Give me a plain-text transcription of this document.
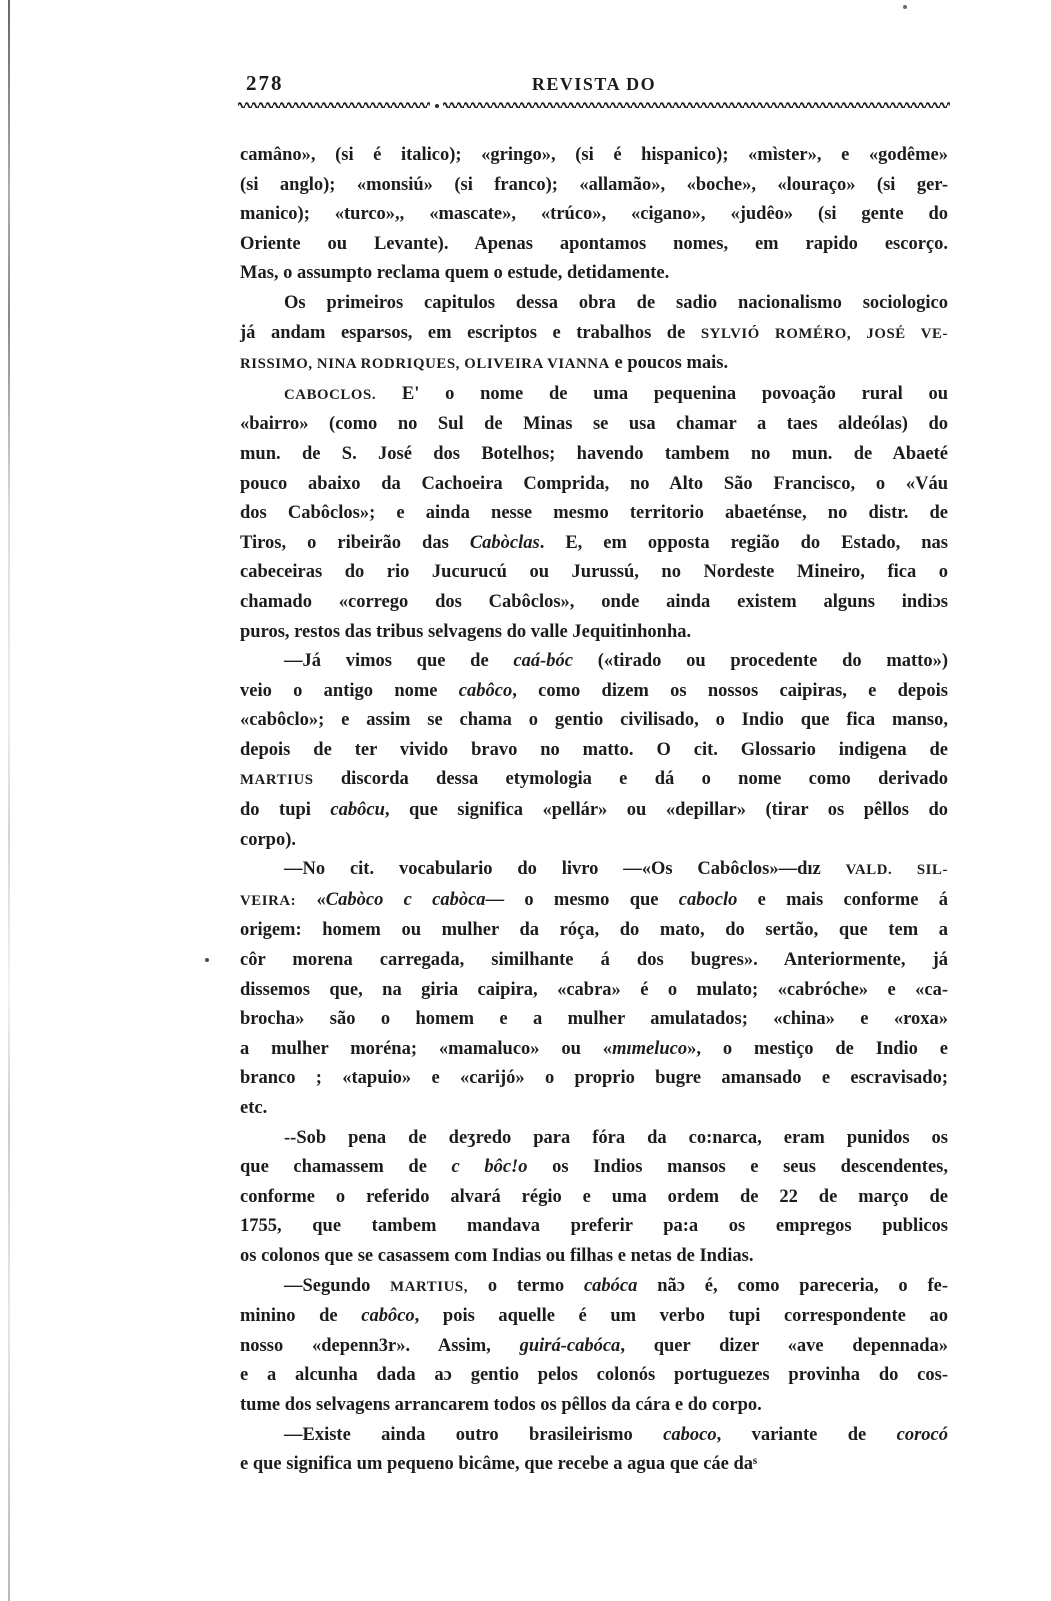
278	REVISTA DO
camâno», (si é italico); «gringo», (si é hispanico); «mìster», e «godême»
(si anglo); «monsiú» (si franco); «allamão», «boche», «louraço» (si ger-
manico); «turco»,, «mascate», «trúco», «cigano», «judêo» (si gente do
Oriente ou Levante). Apenas apontamos nomes, em rapido escorço.
Mas, o assumpto reclama quem o estude, detidamente.
Os primeiros capitulos dessa obra de sadio nacionalismo sociologico
já andam esparsos, em escriptos e trabalhos de SYLVIÓ ROMÉRO, JOSÉ VE-
RISSIMO, NINA RODRIQUES, OLIVEIRA VIANNA e poucos mais.
CABOCLOS. E' o nome de uma pequenina povoação rural ou
«bairro» (como no Sul de Minas se usa chamar a taes aldeólas) do
mun. de S. José dos Botelhos; havendo tambem no mun. de Abaeté
pouco abaixo da Cachoeira Comprida, no Alto São Francisco, o «Váu
dos Cabôclos»; e ainda nesse mesmo territorio abaeténse, no distr. de
Tiros, o ribeirão das Cabòclas. E, em opposta região do Estado, nas
cabeceiras do rio Jucurucú ou Jurussú, no Nordeste Mineiro, fica o
chamado «corrego dos Cabôclos», onde ainda existem alguns indiɔs
puros, restos das tribus selvagens do valle Jequitinhonha.
—Já vimos que de caá-bóc («tirado ou procedente do matto»)
veio o antigo nome cabôco, como dizem os nossos caipiras, e depois
«cabôclo»; e assim se chama o gentio civilisado, o Indio que fica manso,
depois de ter vivido bravo no matto. O cit. Glossario indigena de
MARTIUS discorda dessa etymologia e dá o nome como derivado
do tupi cabôcu, que significa «pellár» ou «depillar» (tirar os pêllos do
corpo).
—No cit. vocabulario do livro —«Os Cabôclos»—dız VALD. SIL-
VEIRA: «Cabòco c cabòca— o mesmo que caboclo e mais conforme á
origem: homem ou mulher da róça, do mato, do sertão, que tem a
côr morena carregada, similhante á dos bugres». Anteriormente, já
dissemos que, na giria caipira, «cabra» é o mulato; «cabróche» e «ca-
brocha» são o homem e a mulher amulatados; «china» e «roxa»
a mulher moréna; «mamaluco» ou «mımeluco», o mestiço de Indio e
branco ; «tapuio» e «carijó» o proprio bugre amansado e escravisado;
etc.
--Sob pena de deʒredo para fóra da co:narca, eram punidos os
que chamassem de c bôc!o os Indios mansos e seus descendentes,
conforme o referido alvará régio e uma ordem de 22 de março de
1755, que tambem mandava preferir pa:a os empregos publicos
os colonos que se casassem com Indias ou filhas e netas de Indias.
—Segundo MARTIUS, o termo cabóca nãɔ é, como pareceria, o fe-
minino de cabôco, pois aquelle é um verbo tupi correspondente ao
nosso «depenn3r». Assim, guirá-cabóca, quer dizer «ave depennada»
e a alcunha dada aɔ gentio pelos colonós portuguezes provinha do cos-
tume dos selvagens arrancarem todos os pêllos da cára e do corpo.
—Existe ainda outro brasileirismo caboco, variante de corocó
e que significa um pequeno bicâme, que recebe a agua que cáe daˢ
